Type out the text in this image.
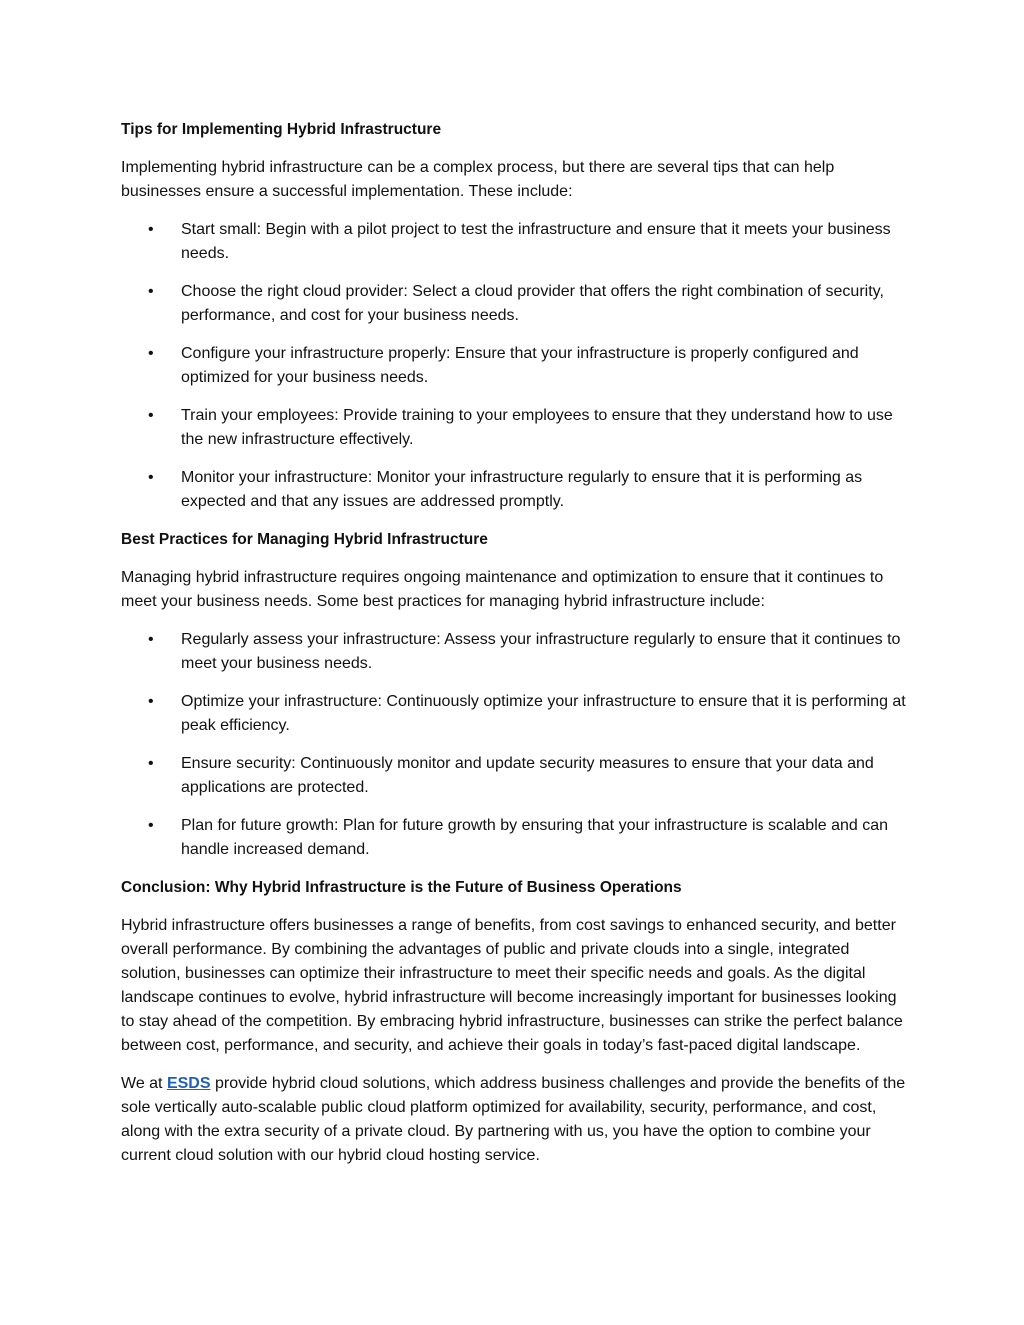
Tips for Implementing Hybrid Infrastructure

Implementing hybrid infrastructure can be a complex process, but there are several tips that can help businesses ensure a successful implementation. These include:

• Start small: Begin with a pilot project to test the infrastructure and ensure that it meets your business needs.
• Choose the right cloud provider: Select a cloud provider that offers the right combination of security, performance, and cost for your business needs.
• Configure your infrastructure properly: Ensure that your infrastructure is properly configured and optimized for your business needs.
• Train your employees: Provide training to your employees to ensure that they understand how to use the new infrastructure effectively.
• Monitor your infrastructure: Monitor your infrastructure regularly to ensure that it is performing as expected and that any issues are addressed promptly.
Best Practices for Managing Hybrid Infrastructure

Managing hybrid infrastructure requires ongoing maintenance and optimization to ensure that it continues to meet your business needs. Some best practices for managing hybrid infrastructure include:

• Regularly assess your infrastructure: Assess your infrastructure regularly to ensure that it continues to meet your business needs.
• Optimize your infrastructure: Continuously optimize your infrastructure to ensure that it is performing at peak efficiency.
• Ensure security: Continuously monitor and update security measures to ensure that your data and applications are protected.
• Plan for future growth: Plan for future growth by ensuring that your infrastructure is scalable and can handle increased demand.
Conclusion: Why Hybrid Infrastructure is the Future of Business Operations

Hybrid infrastructure offers businesses a range of benefits, from cost savings to enhanced security, and better overall performance. By combining the advantages of public and private clouds into a single, integrated solution, businesses can optimize their infrastructure to meet their specific needs and goals. As the digital landscape continues to evolve, hybrid infrastructure will become increasingly important for businesses looking to stay ahead of the competition. By embracing hybrid infrastructure, businesses can strike the perfect balance between cost, performance, and security, and achieve their goals in today’s fast-paced digital landscape.

We at ESDS provide hybrid cloud solutions, which address business challenges and provide the benefits of the sole vertically auto-scalable public cloud platform optimized for availability, security, performance, and cost, along with the extra security of a private cloud. By partnering with us, you have the option to combine your current cloud solution with our hybrid cloud hosting service.
